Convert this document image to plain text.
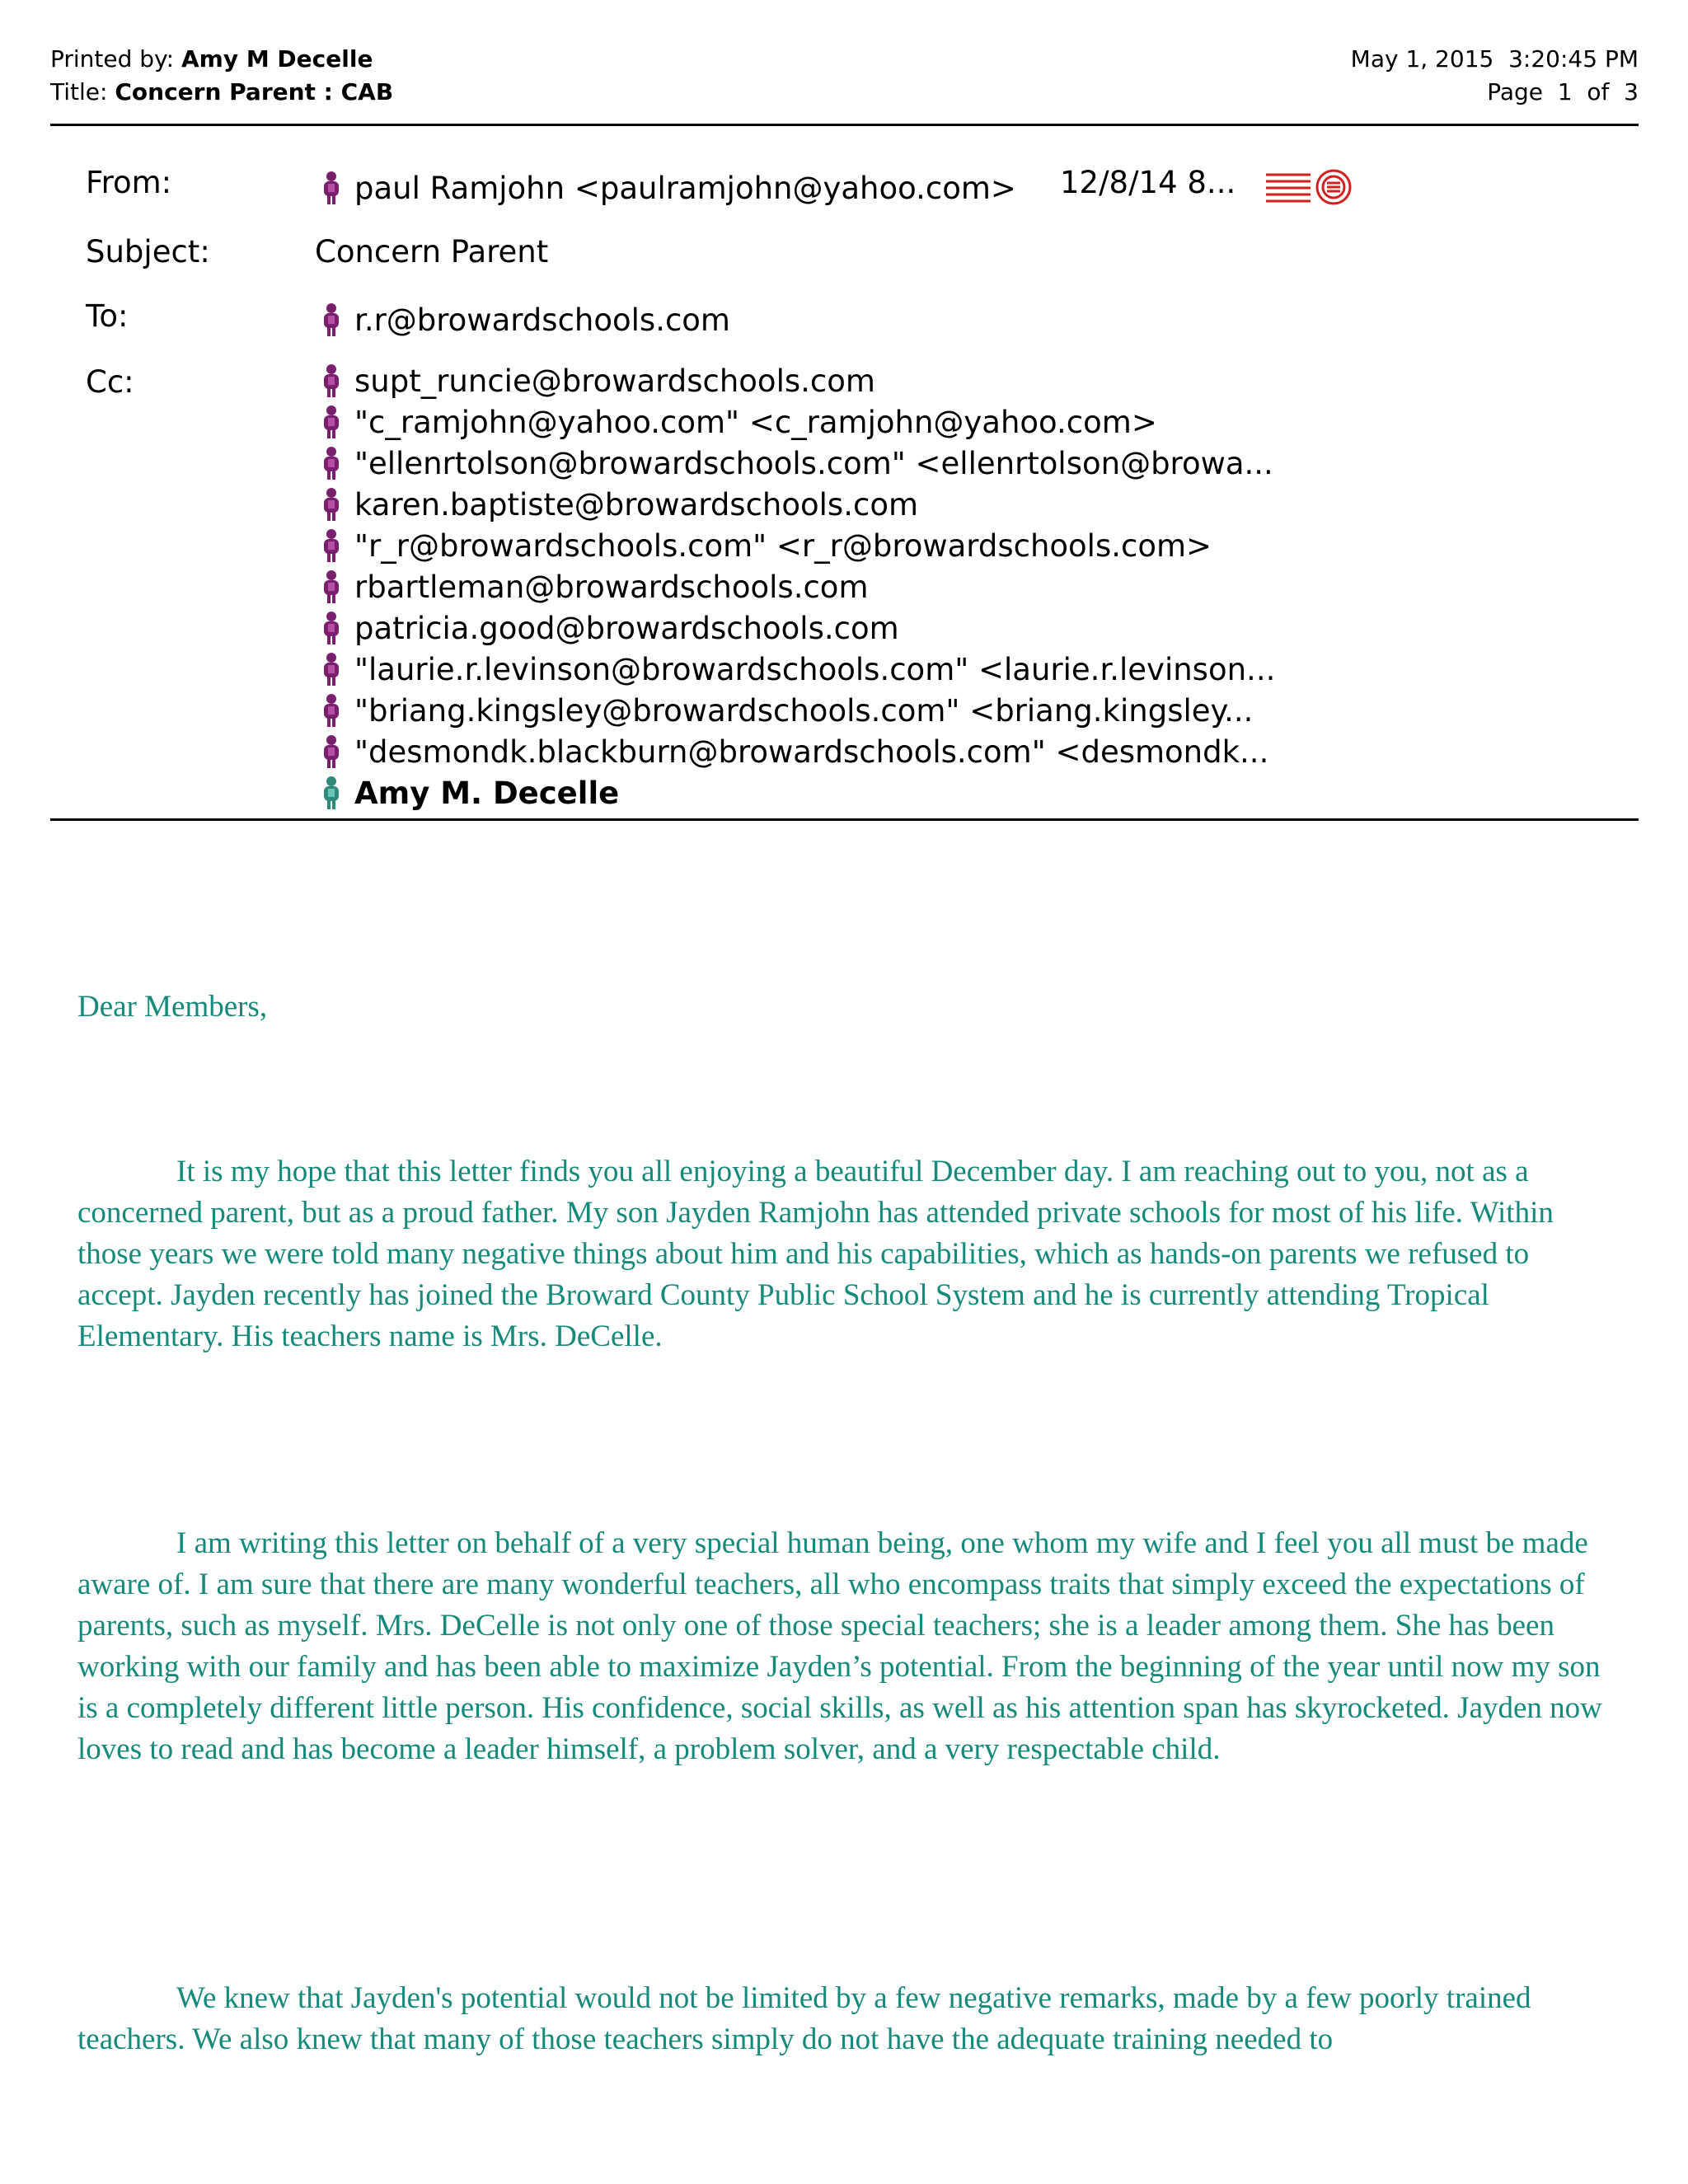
Printed by: Amy M Decelle	May 1, 2015  3:20:45 PM
Title: Concern Parent : CAB	Page  1  of  3
From:	paul Ramjohn <paulramjohn@yahoo.com> 12/8/14 8...
Subject:	Concern Parent
To:	r.r@browardschools.com
Cc:	supt_runcie@browardschools.com
"c_ramjohn@yahoo.com" <c_ramjohn@yahoo.com>
"ellenrtolson@browardschools.com" <ellenrtolson@browa...
karen.baptiste@browardschools.com
"r_r@browardschools.com" <r_r@browardschools.com>
rbartleman@browardschools.com
patricia.good@browardschools.com
"laurie.r.levinson@browardschools.com" <laurie.r.levinson...
"briang.kingsley@browardschools.com" <briang.kingsley...
"desmondk.blackburn@browardschools.com" <desmondk...
Amy M. Decelle

Dear Members,

It is my hope that this letter finds you all enjoying a beautiful December day. I am reaching out to you, not as a concerned parent, but as a proud father. My son Jayden Ramjohn has attended private schools for most of his life. Within those years we were told many negative things about him and his capabilities, which as hands-on parents we refused to accept. Jayden recently has joined the Broward County Public School System and he is currently attending Tropical Elementary. His teachers name is Mrs. DeCelle.

I am writing this letter on behalf of a very special human being, one whom my wife and I feel you all must be made aware of. I am sure that there are many wonderful teachers, all who encompass traits that simply exceed the expectations of parents, such as myself. Mrs. DeCelle is not only one of those special teachers; she is a leader among them. She has been working with our family and has been able to maximize Jayden’s potential. From the beginning of the year until now my son is a completely different little person. His confidence, social skills, as well as his attention span has skyrocketed. Jayden now loves to read and has become a leader himself, a problem solver, and a very respectable child.

We knew that Jayden's potential would not be limited by a few negative remarks, made by a few poorly trained teachers. We also knew that many of those teachers simply do not have the adequate training needed to
